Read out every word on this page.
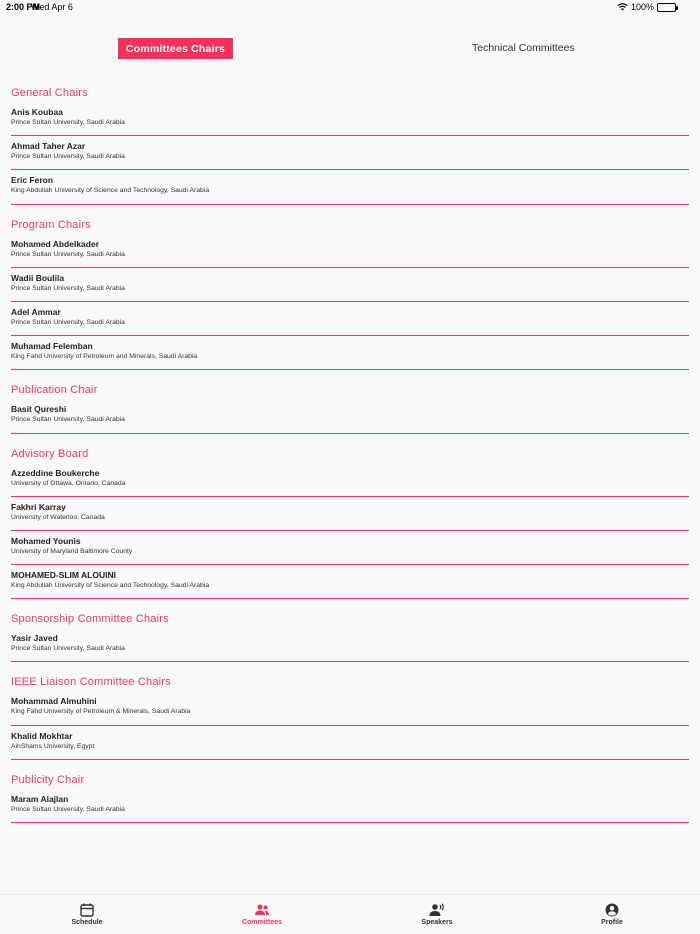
2:00 PM
Wed Apr 6	100%
Committees Chairs	Technical Committees
General Chairs
Anis Koubaa
Prince Sultan University, Saudi Arabia
Ahmad Taher Azar
Prince Sultan University, Saudi Arabia
Eric Feron
King Abdullah University of Science and Technology, Saudi Arabia
Program Chairs
Mohamed Abdelkader
Prince Sultan University, Saudi Arabia
Wadii Boulila
Prince Sultan University, Saudi Arabia
Adel Ammar
Prince Sultan University, Saudi Arabia
Muhamad Felemban
King Fahd University of Petroleum and Minerals, Saudi Arabia
Publication Chair
Basit Qureshi
Prince Sultan University, Saudi Arabia
Advisory Board
Azzeddine Boukerche
University of Ottawa, Ontario, Canada
Fakhri Karray
University of Waterloo, Canada
Mohamed Younis
University of Maryland Baltimore County
MOHAMED-SLIM ALOUINI
King Abdullah University of Science and Technology, Saudi Arabia
Sponsorship Committee Chairs
Yasir Javed
Prince Sultan University, Saudi Arabia
IEEE Liaison Committee Chairs
Mohammad Almuhini
King Fahd University of Petroleum & Minerals, Saudi Arabia
Khalid Mokhtar
AinShams University, Egypt
Publicity Chair
Maram Alajlan
Prince Sultan University, Saudi Arabia
Schedule	Committees	Speakers	Profile
